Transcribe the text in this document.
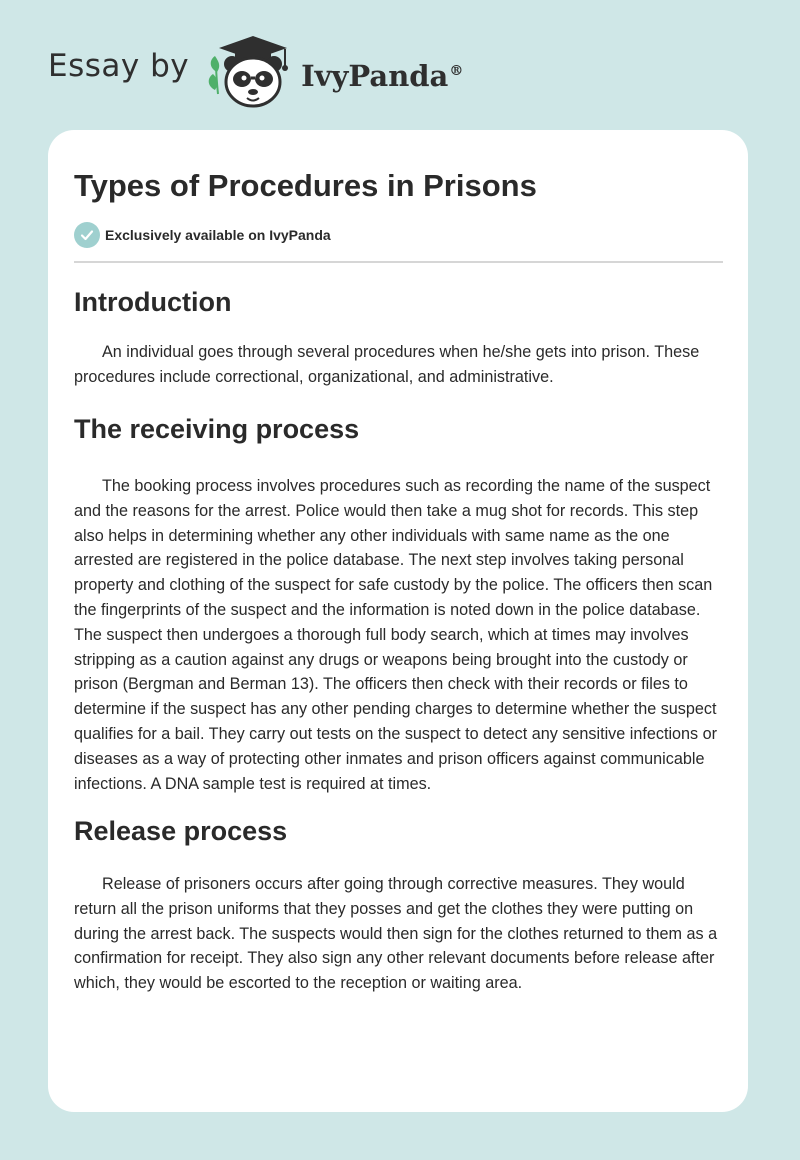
Essay by	IvyPanda®
Types of Procedures in Prisons
Exclusively available on IvyPanda
Introduction

An individual goes through several procedures when he/she gets into prison. These procedures include correctional, organizational, and administrative.

The receiving process

The booking process involves procedures such as recording the name of the suspect and the reasons for the arrest. Police would then take a mug shot for records. This step also helps in determining whether any other individuals with same name as the one arrested are registered in the police database. The next step involves taking personal property and clothing of the suspect for safe custody by the police. The officers then scan the fingerprints of the suspect and the information is noted down in the police database. The suspect then undergoes a thorough full body search, which at times may involves stripping as a caution against any drugs or weapons being brought into the custody or prison (Bergman and Berman 13). The officers then check with their records or files to determine if the suspect has any other pending charges to determine whether the suspect qualifies for a bail. They carry out tests on the suspect to detect any sensitive infections or diseases as a way of protecting other inmates and prison officers against communicable infections. A DNA sample test is required at times.

Release process

Release of prisoners occurs after going through corrective measures. They would return all the prison uniforms that they posses and get the clothes they were putting on during the arrest back. The suspects would then sign for the clothes returned to them as a confirmation for receipt. They also sign any other relevant documents before release after which, they would be escorted to the reception or waiting area.
